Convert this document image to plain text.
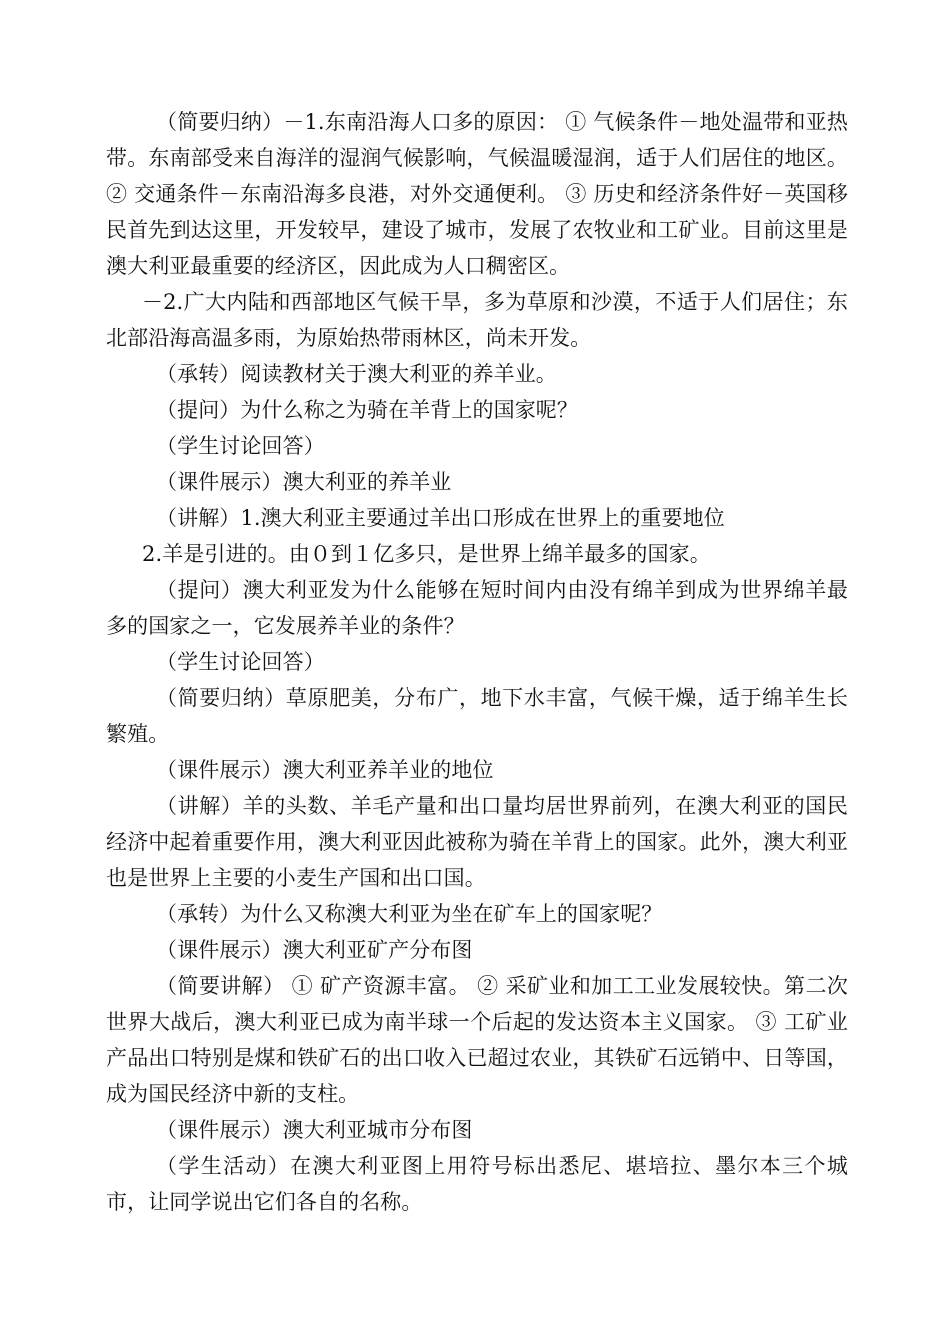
（简要归纳）－1.东南沿海人口多的原因： ① 气候条件－地处温带和亚热带。东南部受来自海洋的湿润气候影响，气候温暖湿润，适于人们居住的地区。 ② 交通条件－东南沿海多良港，对外交通便利。 ③ 历史和经济条件好－英国移民首先到达这里，开发较早，建设了城市，发展了农牧业和工矿业。目前这里是澳大利亚最重要的经济区，因此成为人口稠密区。

－2.广大内陆和西部地区气候干旱，多为草原和沙漠，不适于人们居住；东北部沿海高温多雨，为原始热带雨林区，尚未开发。

（承转）阅读教材关于澳大利亚的养羊业。

（提问）为什么称之为骑在羊背上的国家呢？

（学生讨论回答）

（课件展示）澳大利亚的养羊业

（讲解）1.澳大利亚主要通过羊出口形成在世界上的重要地位

2.羊是引进的。由０到１亿多只，是世界上绵羊最多的国家。

（提问）澳大利亚发为什么能够在短时间内由没有绵羊到成为世界绵羊最多的国家之一，它发展养羊业的条件？

（学生讨论回答）

（简要归纳）草原肥美，分布广，地下水丰富，气候干燥，适于绵羊生长繁殖。

（课件展示）澳大利亚养羊业的地位

（讲解）羊的头数、羊毛产量和出口量均居世界前列，在澳大利亚的国民经济中起着重要作用，澳大利亚因此被称为骑在羊背上的国家。此外，澳大利亚也是世界上主要的小麦生产国和出口国。

（承转）为什么又称澳大利亚为坐在矿车上的国家呢？

（课件展示）澳大利亚矿产分布图

（简要讲解） ① 矿产资源丰富。 ② 采矿业和加工工业发展较快。第二次世界大战后，澳大利亚已成为南半球一个后起的发达资本主义国家。 ③ 工矿业产品出口特别是煤和铁矿石的出口收入已超过农业，其铁矿石远销中、日等国，成为国民经济中新的支柱。

（课件展示）澳大利亚城市分布图

（学生活动）在澳大利亚图上用符号标出悉尼、堪培拉、墨尔本三个城市，让同学说出它们各自的名称。
